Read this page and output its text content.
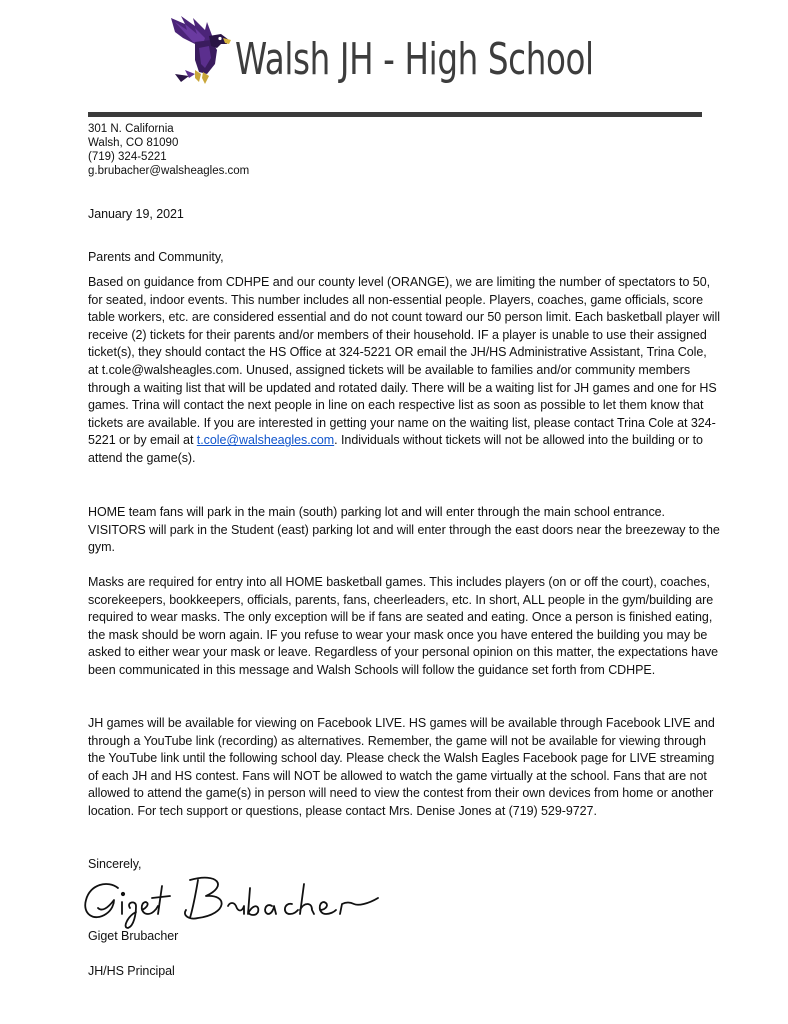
Walsh JH - High School
301 N. California
Walsh, CO 81090
(719) 324-5221
g.brubacher@walsheagles.com
January 19, 2021
Parents and Community,

Based on guidance from CDHPE and our county level (ORANGE), we are limiting the number of spectators to 50, for seated, indoor events. This number includes all non-essential people. Players, coaches, game officials, score table workers, etc. are considered essential and do not count toward our 50 person limit. Each basketball player will receive (2) tickets for their parents and/or members of their household. IF a player is unable to use their assigned ticket(s), they should contact the HS Office at 324-5221 OR email the JH/HS Administrative Assistant, Trina Cole, at t.cole@walsheagles.com. Unused, assigned tickets will be available to families and/or community members through a waiting list that will be updated and rotated daily. There will be a waiting list for JH games and one for HS games. Trina will contact the next people in line on each respective list as soon as possible to let them know that tickets are available. If you are interested in getting your name on the waiting list, please contact Trina Cole at 324-5221 or by email at t.cole@walsheagles.com. Individuals without tickets will not be allowed into the building or to attend the game(s).

HOME team fans will park in the main (south) parking lot and will enter through the main school entrance. VISITORS will park in the Student (east) parking lot and will enter through the east doors near the breezeway to the gym.

Masks are required for entry into all HOME basketball games. This includes players (on or off the court), coaches, scorekeepers, bookkeepers, officials, parents, fans, cheerleaders, etc. In short, ALL people in the gym/building are required to wear masks. The only exception will be if fans are seated and eating. Once a person is finished eating, the mask should be worn again. IF you refuse to wear your mask once you have entered the building you may be asked to either wear your mask or leave. Regardless of your personal opinion on this matter, the expectations have been communicated in this message and Walsh Schools will follow the guidance set forth from CDHPE.

JH games will be available for viewing on Facebook LIVE. HS games will be available through Facebook LIVE and through a YouTube link (recording) as alternatives. Remember, the game will not be available for viewing through the YouTube link until the following school day. Please check the Walsh Eagles Facebook page for LIVE streaming of each JH and HS contest. Fans will NOT be allowed to watch the game virtually at the school. Fans that are not allowed to attend the game(s) in person will need to view the contest from their own devices from home or another location. For tech support or questions, please contact Mrs. Denise Jones at (719) 529-9727.

Sincerely,
Giget Brubacher
JH/HS Principal
